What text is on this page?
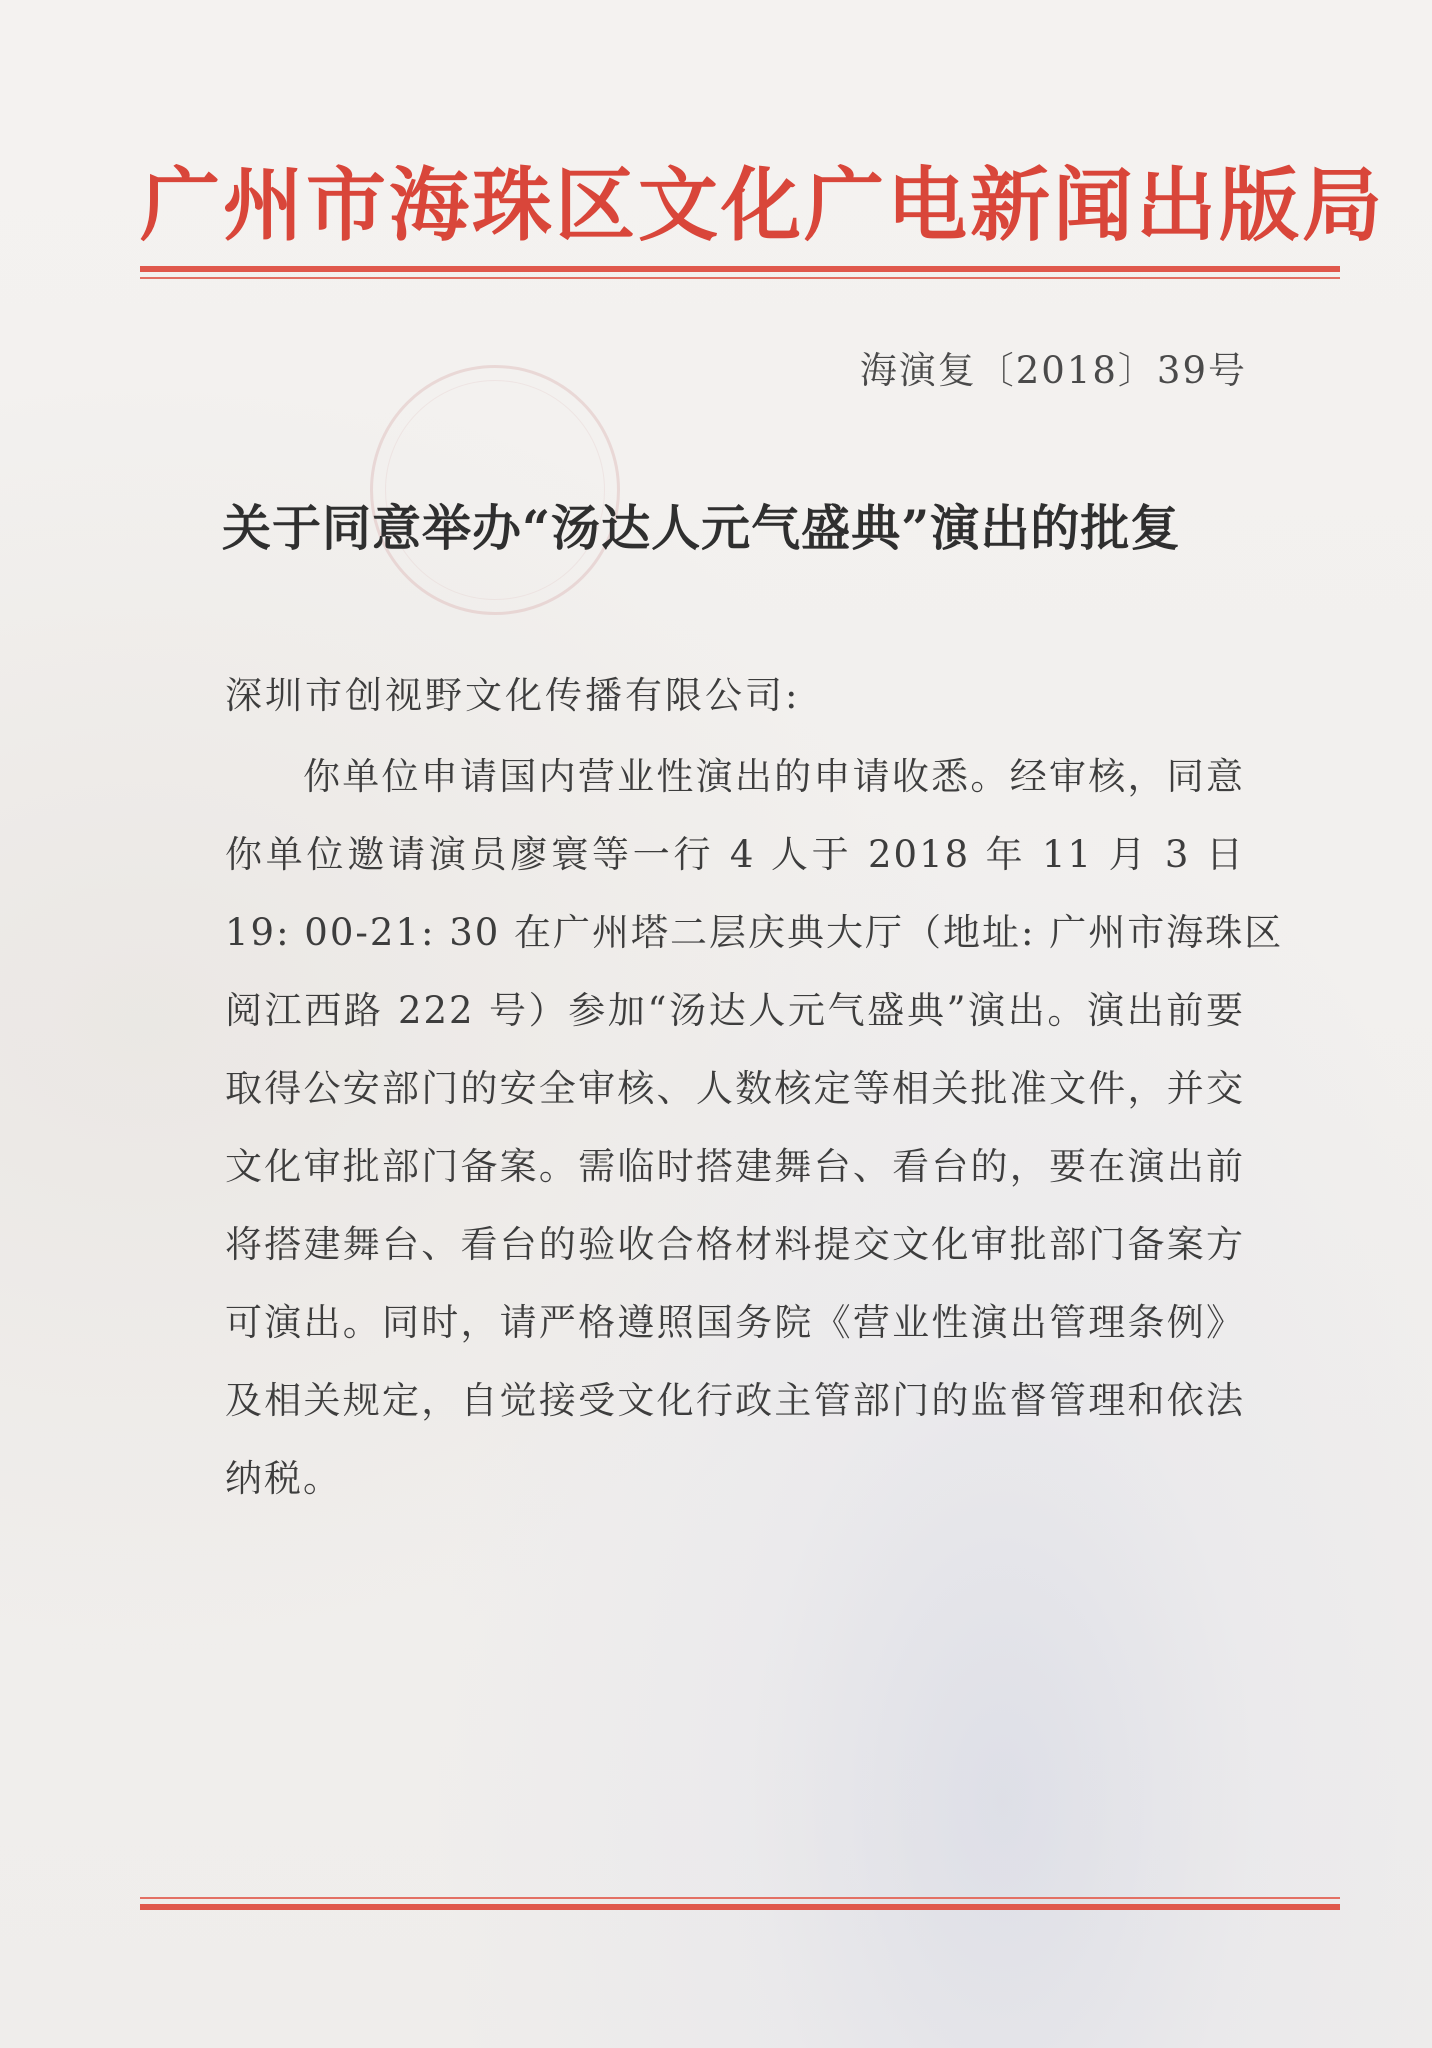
广州市海珠区文化广电新闻出版局
海演复〔2018〕39号
关于同意举办“汤达人元气盛典”演出的批复
深圳市创视野文化传播有限公司:
你单位申请国内营业性演出的申请收悉。经审核，同意
你单位邀请演员廖寰等一行 4 人于 2018 年 11 月 3 日
19: 00-21: 30 在广州塔二层庆典大厅（地址: 广州市海珠区
阅江西路 222 号）参加“汤达人元气盛典”演出。演出前要
取得公安部门的安全审核、人数核定等相关批准文件，并交
文化审批部门备案。需临时搭建舞台、看台的，要在演出前
将搭建舞台、看台的验收合格材料提交文化审批部门备案方
可演出。同时，请严格遵照国务院《营业性演出管理条例》
及相关规定，自觉接受文化行政主管部门的监督管理和依法
纳税。
